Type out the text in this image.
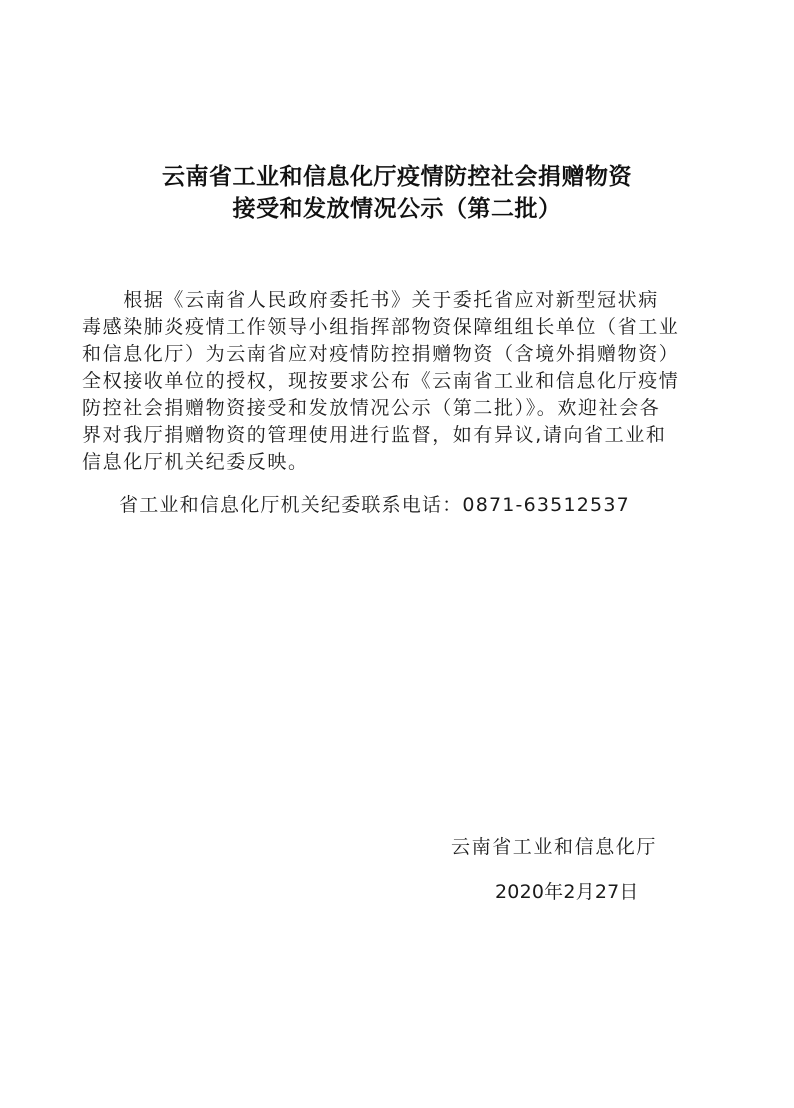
云南省工业和信息化厅疫情防控社会捐赠物资
接受和发放情况公示（第二批）
　　根据《云南省人民政府委托书》关于委托省应对新型冠状病
毒感染肺炎疫情工作领导小组指挥部物资保障组组长单位（省工业
和信息化厅）为云南省应对疫情防控捐赠物资（含境外捐赠物资）
全权接收单位的授权，现按要求公布《云南省工业和信息化厅疫情
防控社会捐赠物资接受和发放情况公示（第二批）》。欢迎社会各
界对我厅捐赠物资的管理使用进行监督，如有异议,请向省工业和
信息化厅机关纪委反映。
省工业和信息化厅机关纪委联系电话：0871-63512537
云南省工业和信息化厅
2020年2月27日
